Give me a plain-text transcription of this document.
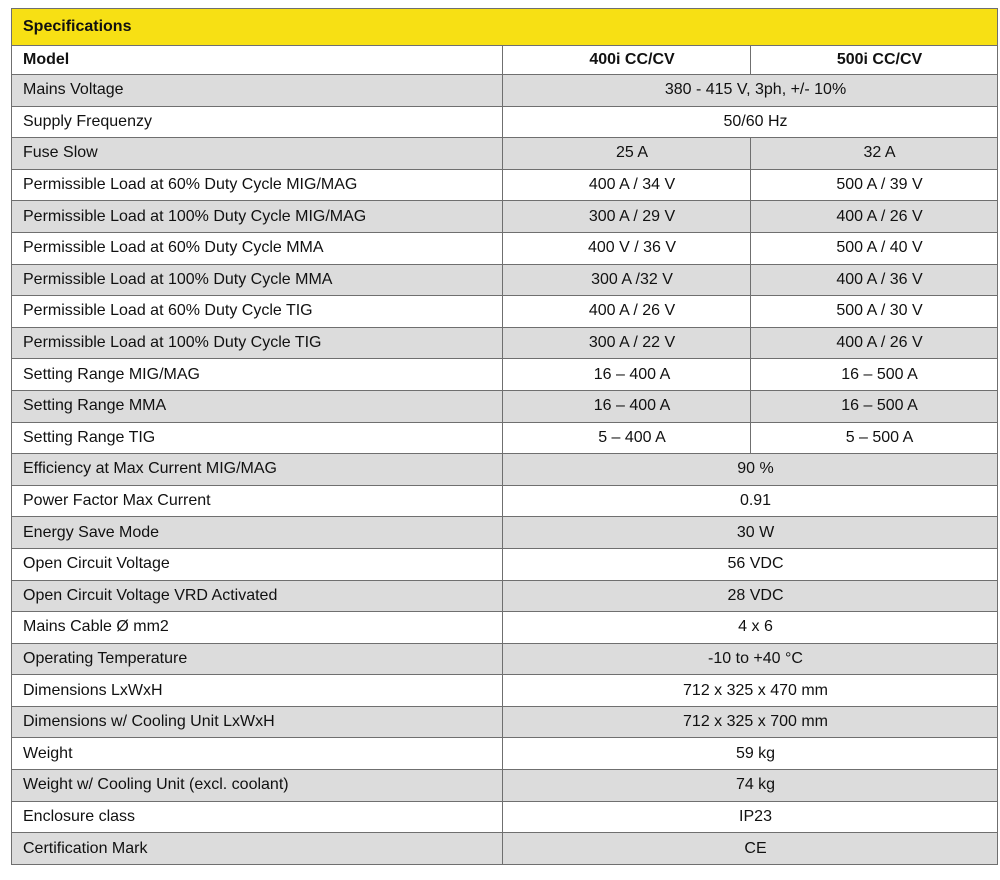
Specifications		
Model	400i CC/CV	500i CC/CV
Mains Voltage	380 - 415 V, 3ph, +/- 10%	
Supply Frequenzy	50/60 Hz	
Fuse Slow	25 A	32 A
Permissible Load at 60% Duty Cycle MIG/MAG	400 A / 34 V	500 A / 39 V
Permissible Load at 100% Duty Cycle MIG/MAG	300 A / 29 V	400 A / 26 V
Permissible Load at 60% Duty Cycle MMA	400 V / 36 V	500 A / 40 V
Permissible Load at 100% Duty Cycle MMA	300 A /32 V	400 A / 36 V
Permissible Load at 60% Duty Cycle TIG	400 A / 26 V	500 A / 30 V
Permissible Load at 100% Duty Cycle TIG	300 A / 22 V	400 A / 26 V
Setting Range MIG/MAG	16 – 400 A	16 – 500 A
Setting Range MMA	16 – 400 A	16 – 500 A
Setting Range TIG	5 – 400 A	5 – 500 A
Efficiency at Max Current MIG/MAG	90 %	
Power Factor Max Current	0.91	
Energy Save Mode	30 W	
Open Circuit Voltage	56 VDC	
Open Circuit Voltage VRD Activated	28 VDC	
Mains Cable Ø mm2	4 x 6	
Operating Temperature	-10 to +40 °C	
Dimensions LxWxH	712 x 325 x 470 mm	
Dimensions w/ Cooling Unit LxWxH	712 x 325 x 700 mm	
Weight	59 kg	
Weight w/ Cooling Unit (excl. coolant)	74 kg	
Enclosure class	IP23	
Certification Mark	CE	
